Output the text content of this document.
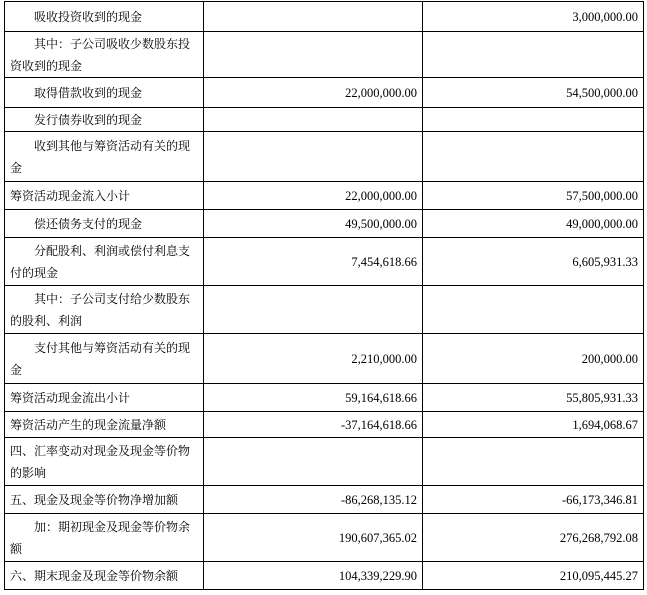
吸收投资收到的现金		3,000,000.00
其中：子公司吸收少数股东投资收到的现金		
取得借款收到的现金	22,000,000.00	54,500,000.00
发行债券收到的现金		
收到其他与筹资活动有关的现金		
筹资活动现金流入小计	22,000,000.00	57,500,000.00
偿还债务支付的现金	49,500,000.00	49,000,000.00
分配股利、利润或偿付利息支付的现金	7,454,618.66	6,605,931.33
其中：子公司支付给少数股东的股利、利润		
支付其他与筹资活动有关的现金	2,210,000.00	200,000.00
筹资活动现金流出小计	59,164,618.66	55,805,931.33
筹资活动产生的现金流量净额	-37,164,618.66	1,694,068.67
四、汇率变动对现金及现金等价物的影响		
五、现金及现金等价物净增加额	-86,268,135.12	-66,173,346.81
加：期初现金及现金等价物余额	190,607,365.02	276,268,792.08
六、期末现金及现金等价物余额	104,339,229.90	210,095,445.27
